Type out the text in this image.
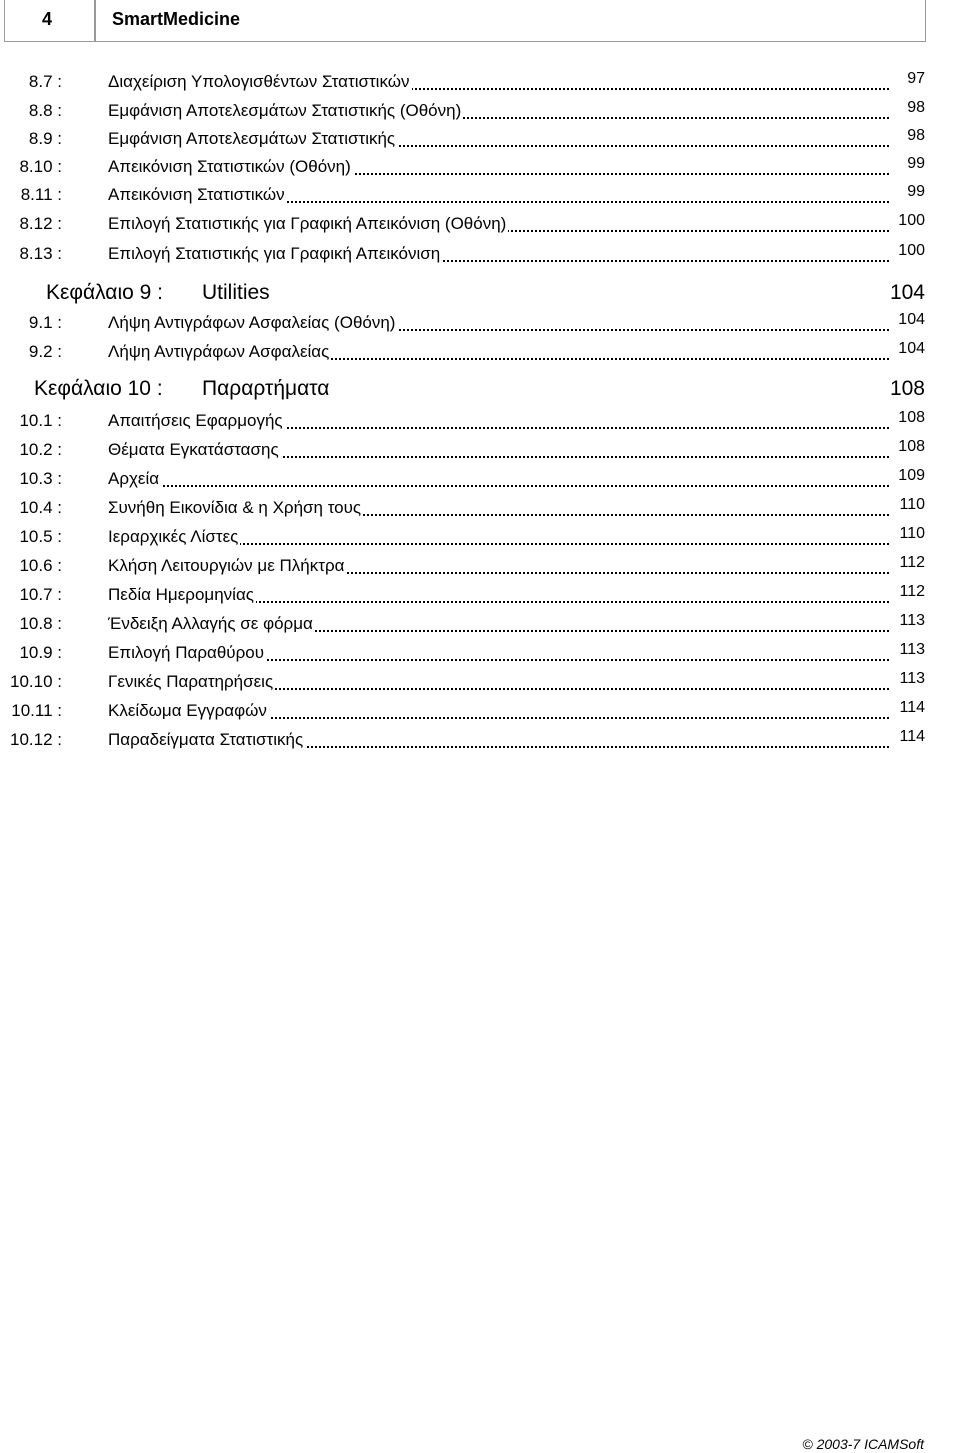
4	SmartMedicine
8.7 :	Διαχείριση Υπολογισθέντων Στατιστικών	97
8.8 :	Εμφάνιση Αποτελεσμάτων Στατιστικής (Οθόνη)	98
8.9 :	Εμφάνιση Αποτελεσμάτων Στατιστικής	98
8.10 :	Απεικόνιση Στατιστικών (Οθόνη)	99
8.11 :	Απεικόνιση Στατιστικών	99
8.12 :	Επιλογή Στατιστικής για Γραφική Απεικόνιση (Οθόνη)	100
8.13 :	Επιλογή Στατιστικής για Γραφική Απεικόνιση	100
Κεφάλαιο 9 : Utilities	104
9.1 :	Λήψη Αντιγράφων Ασφαλείας (Οθόνη)	104
9.2 :	Λήψη Αντιγράφων Ασφαλείας	104
Κεφάλαιο 10 : Παραρτήματα	108
10.1 :	Απαιτήσεις Εφαρμογής	108
10.2 :	Θέματα Εγκατάστασης	108
10.3 :	Αρχεία	109
10.4 :	Συνήθη Εικονίδια & η Χρήση τους	110
10.5 :	Ιεραρχικές Λίστες	110
10.6 :	Κλήση Λειτουργιών με Πλήκτρα	112
10.7 :	Πεδία Ημερομηνίας	112
10.8 :	Ένδειξη Αλλαγής σε φόρμα	113
10.9 :	Επιλογή Παραθύρου	113
10.10 :	Γενικές Παρατηρήσεις	113
10.11 :	Κλείδωμα Εγγραφών	114
10.12 :	Παραδείγματα Στατιστικής	114
© 2003-7 ICAMSoft
